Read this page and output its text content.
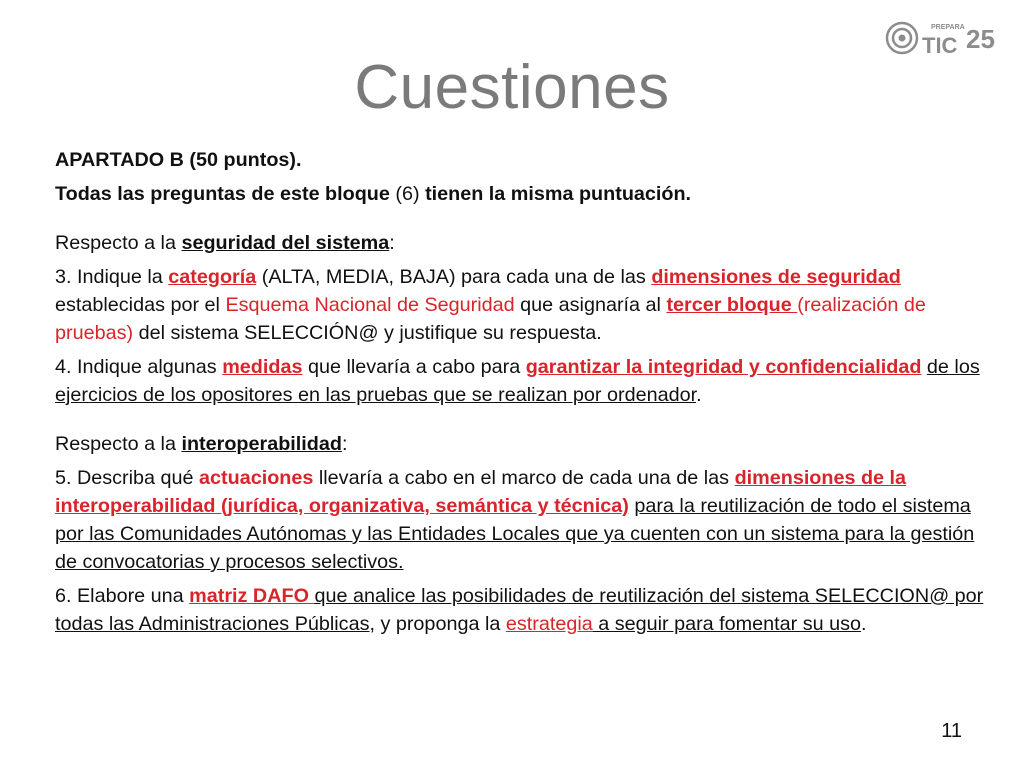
PREPARA
TIC 25
Cuestiones

APARTADO B (50 puntos).

Todas las preguntas de este bloque (6) tienen la misma puntuación.

Respecto a la seguridad del sistema:

3. Indique la categoría (ALTA, MEDIA, BAJA) para cada una de las dimensiones de seguridad establecidas por el Esquema Nacional de Seguridad que asignaría al tercer bloque (realización de pruebas) del sistema SELECCIÓN@ y justifique su respuesta.

4. Indique algunas medidas que llevaría a cabo para garantizar la integridad y confidencialidad de los ejercicios de los opositores en las pruebas que se realizan por ordenador.

Respecto a la interoperabilidad:

5. Describa qué actuaciones llevaría a cabo en el marco de cada una de las dimensiones de la interoperabilidad (jurídica, organizativa, semántica y técnica) para la reutilización de todo el sistema por las Comunidades Autónomas y las Entidades Locales que ya cuenten con un sistema para la gestión de convocatorias y procesos selectivos.

6. Elabore una matriz DAFO que analice las posibilidades de reutilización del sistema SELECCION@ por todas las Administraciones Públicas, y proponga la estrategia a seguir para fomentar su uso.

11
